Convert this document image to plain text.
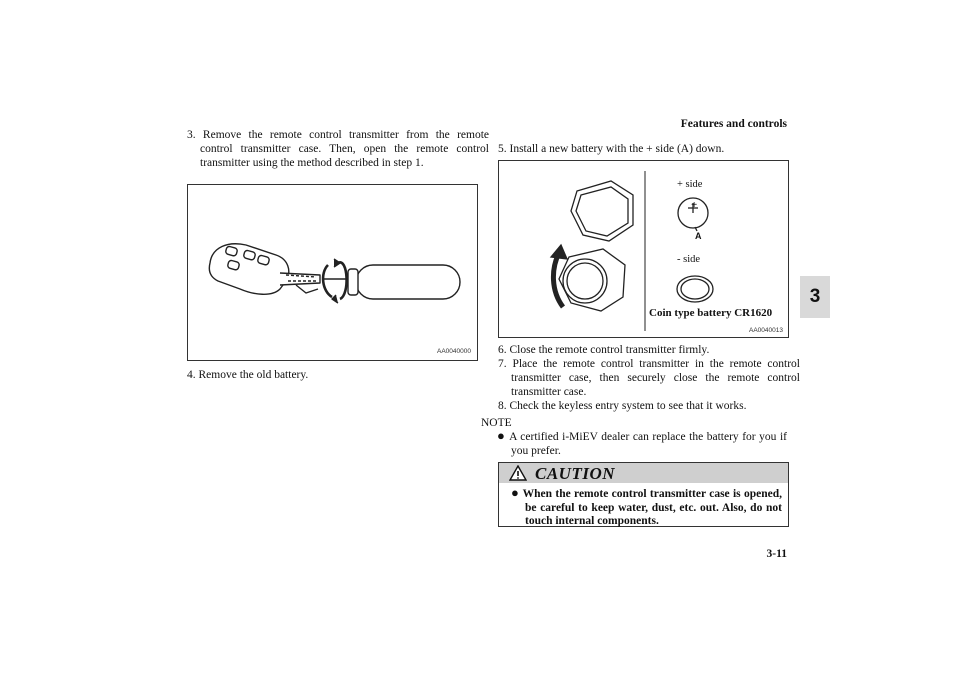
Features and controls
3
3. Remove the remote control transmitter from the remote control transmitter case. Then, open the remote control transmitter using the method described in step 1.
AA0040000
4. Remove the old battery.
5. Install a new battery with the + side (A) down.
+ side
+
A
- side
Coin type battery CR1620
AA0040013
6. Close the remote control transmitter firmly.
7. Place the remote control transmitter in the remote control transmitter case, then securely close the remote control transmitter case.
8. Check the keyless entry system to see that it works.
NOTE
● A certified i-MiEV dealer can replace the battery for you if you prefer.
CAUTION
● When the remote control transmitter case is opened, be careful to keep water, dust, etc. out. Also, do not touch internal components.
3-11
